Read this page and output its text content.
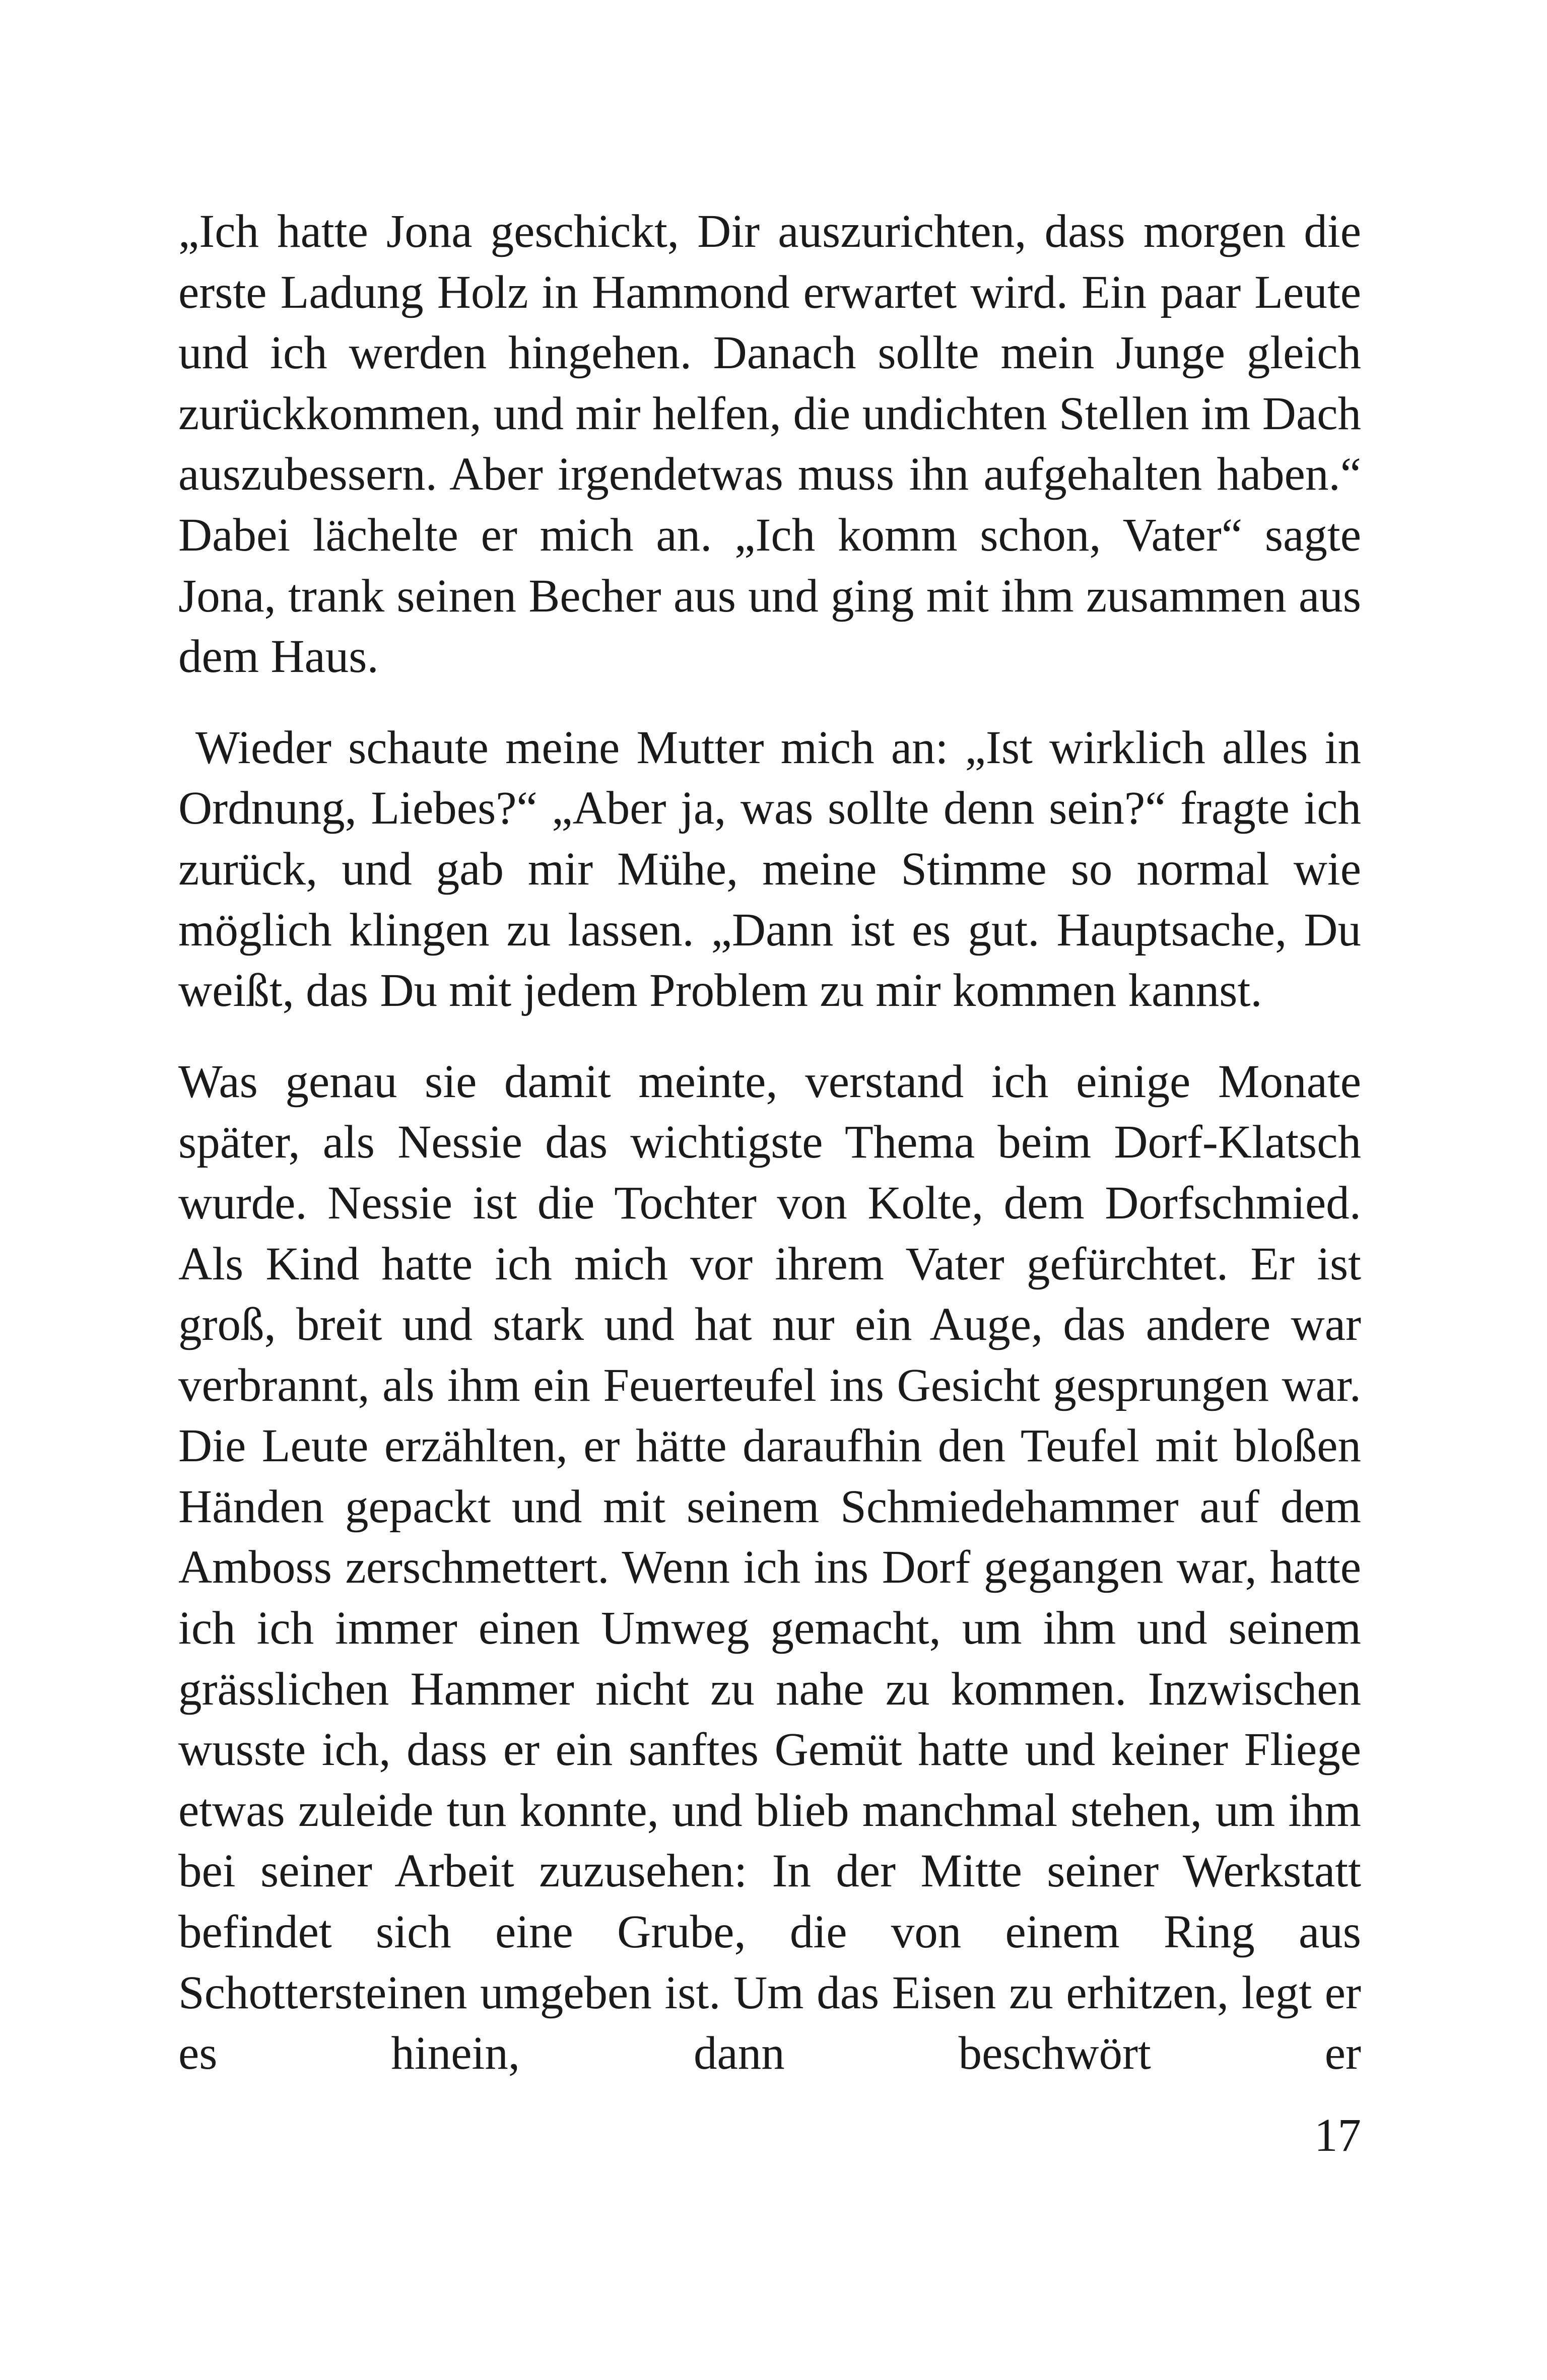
„Ich hatte Jona geschickt, Dir auszurichten, dass morgen die erste Ladung Holz in Hammond erwartet wird. Ein paar Leute und ich werden hingehen. Danach sollte mein Junge gleich zurückkommen, und mir helfen, die undichten Stellen im Dach auszubessern. Aber irgendetwas muss ihn aufgehalten haben.“ Dabei lächelte er mich an. „Ich komm schon, Vater“ sagte Jona, trank seinen Becher aus und ging mit ihm zusammen aus dem Haus.

Wieder schaute meine Mutter mich an: „Ist wirklich alles in Ordnung, Liebes?“ „Aber ja, was sollte denn sein?“ fragte ich zurück, und gab mir Mühe, meine Stimme so normal wie möglich klingen zu lassen. „Dann ist es gut. Hauptsache, Du weißt, das Du mit jedem Problem zu mir kommen kannst.

Was genau sie damit meinte, verstand ich einige Monate später, als Nessie das wichtigste Thema beim Dorf-Klatsch wurde. Nessie ist die Tochter von Kolte, dem Dorfschmied. Als Kind hatte ich mich vor ihrem Vater gefürchtet. Er ist groß, breit und stark und hat nur ein Auge, das andere war verbrannt, als ihm ein Feuerteufel ins Gesicht gesprungen war. Die Leute erzählten, er hätte daraufhin den Teufel mit bloßen Händen gepackt und mit seinem Schmiedehammer auf dem Amboss zerschmettert. Wenn ich ins Dorf gegangen war, hatte ich ich immer einen Umweg gemacht, um ihm und seinem grässlichen Hammer nicht zu nahe zu kommen. Inzwischen wusste ich, dass er ein sanftes Gemüt hatte und keiner Fliege etwas zuleide tun konnte, und blieb manchmal stehen, um ihm bei seiner Arbeit zuzusehen: In der Mitte seiner Werkstatt befindet sich eine Grube, die von einem Ring aus Schottersteinen umgeben ist. Um das Eisen zu erhitzen, legt er es hinein, dann beschwört er

17
